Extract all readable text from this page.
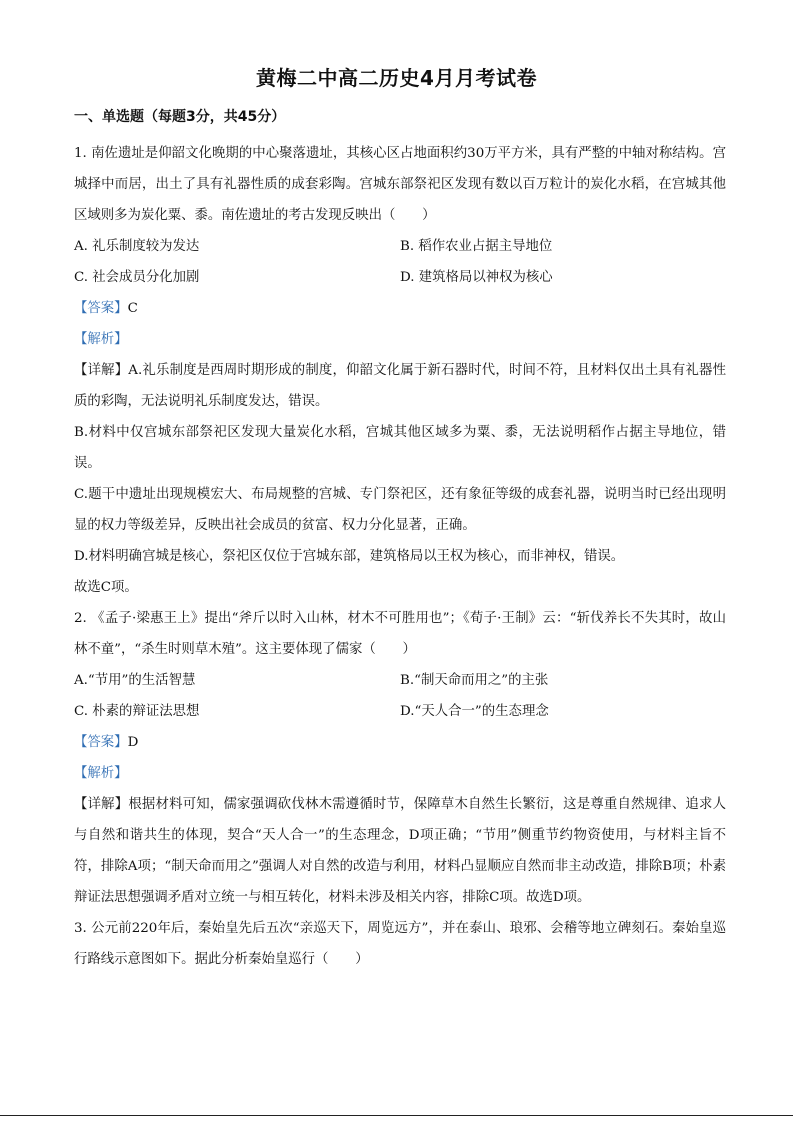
黄梅二中高二历史4月月考试卷
一、单选题（每题3分，共45分）

1. 南佐遗址是仰韶文化晚期的中心聚落遗址，其核心区占地面积约30万平方米，具有严整的中轴对称结构。宫城择中而居，出土了具有礼器性质的成套彩陶。宫城东部祭祀区发现有数以百万粒计的炭化水稻，在宫城其他区域则多为炭化粟、黍。南佐遗址的考古发现反映出（　　）

A. 礼乐制度较为发达	B. 稻作农业占据主导地位
C. 社会成员分化加剧	D. 建筑格局以神权为核心
【答案】C
【解析】

【详解】A.礼乐制度是西周时期形成的制度，仰韶文化属于新石器时代，时间不符，且材料仅出土具有礼器性质的彩陶，无法说明礼乐制度发达，错误。

B.材料中仅宫城东部祭祀区发现大量炭化水稻，宫城其他区域多为粟、黍，无法说明稻作占据主导地位，错误。

C.题干中遗址出现规模宏大、布局规整的宫城、专门祭祀区，还有象征等级的成套礼器，说明当时已经出现明显的权力等级差异，反映出社会成员的贫富、权力分化显著，正确。

D.材料明确宫城是核心，祭祀区仅位于宫城东部，建筑格局以王权为核心，而非神权，错误。

故选C项。

2. 《孟子·梁惠王上》提出“斧斤以时入山林，材木不可胜用也”；《荀子·王制》云：“斩伐养长不失其时，故山林不童”，“杀生时则草木殖”。这主要体现了儒家（　　）

A.“节用”的生活智慧	B.“制天命而用之”的主张
C. 朴素的辩证法思想	D.“天人合一”的生态理念
【答案】D
【解析】

【详解】根据材料可知，儒家强调砍伐林木需遵循时节，保障草木自然生长繁衍，这是尊重自然规律、追求人与自然和谐共生的体现，契合“天人合一”的生态理念，D项正确；“节用”侧重节约物资使用，与材料主旨不符，排除A项；“制天命而用之”强调人对自然的改造与利用，材料凸显顺应自然而非主动改造，排除B项；朴素辩证法思想强调矛盾对立统一与相互转化，材料未涉及相关内容，排除C项。故选D项。

3. 公元前220年后，秦始皇先后五次“亲巡天下，周览远方”，并在泰山、琅邪、会稽等地立碑刻石。秦始皇巡行路线示意图如下。据此分析秦始皇巡行（　　）
